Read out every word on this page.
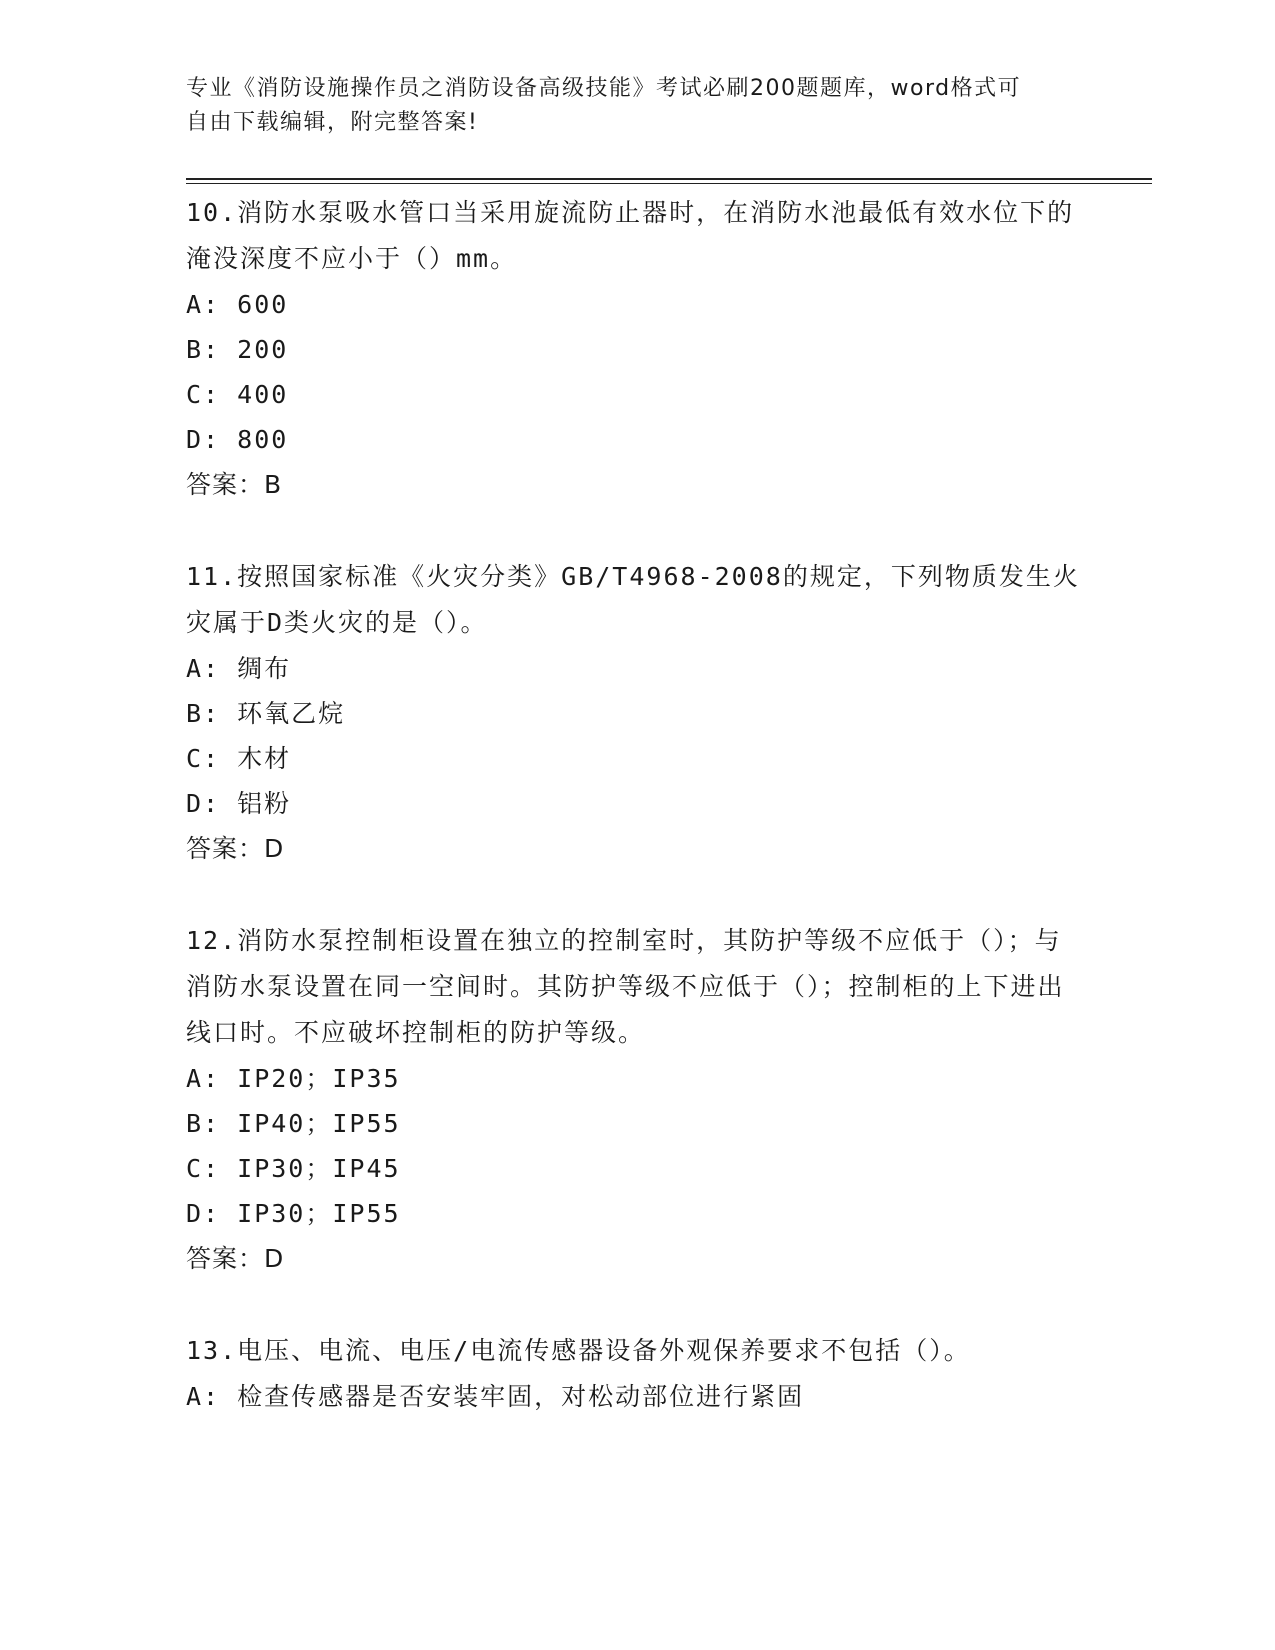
专业《消防设施操作员之消防设备高级技能》考试必刷200题题库，word格式可
自由下载编辑，附完整答案!

10.消防水泵吸水管口当采用旋流防止器时，在消防水池最低有效水位下的淹没深度不应小于（）mm。

A: 600
B: 200
C: 400
D: 800
答案：B

11.按照国家标准《火灾分类》GB/T4968-2008的规定，下列物质发生火灾属于D类火灾的是（）。

A: 绸布
B: 环氧乙烷
C: 木材
D: 铝粉
答案：D

12.消防水泵控制柜设置在独立的控制室时，其防护等级不应低于（）；与消防水泵设置在同一空间时。其防护等级不应低于（）；控制柜的上下进出线口时。不应破坏控制柜的防护等级。

A: IP20；IP35
B: IP40；IP55
C: IP30；IP45
D: IP30；IP55
答案：D

13.电压、电流、电压/电流传感器设备外观保养要求不包括（）。

A: 检查传感器是否安装牢固，对松动部位进行紧固
